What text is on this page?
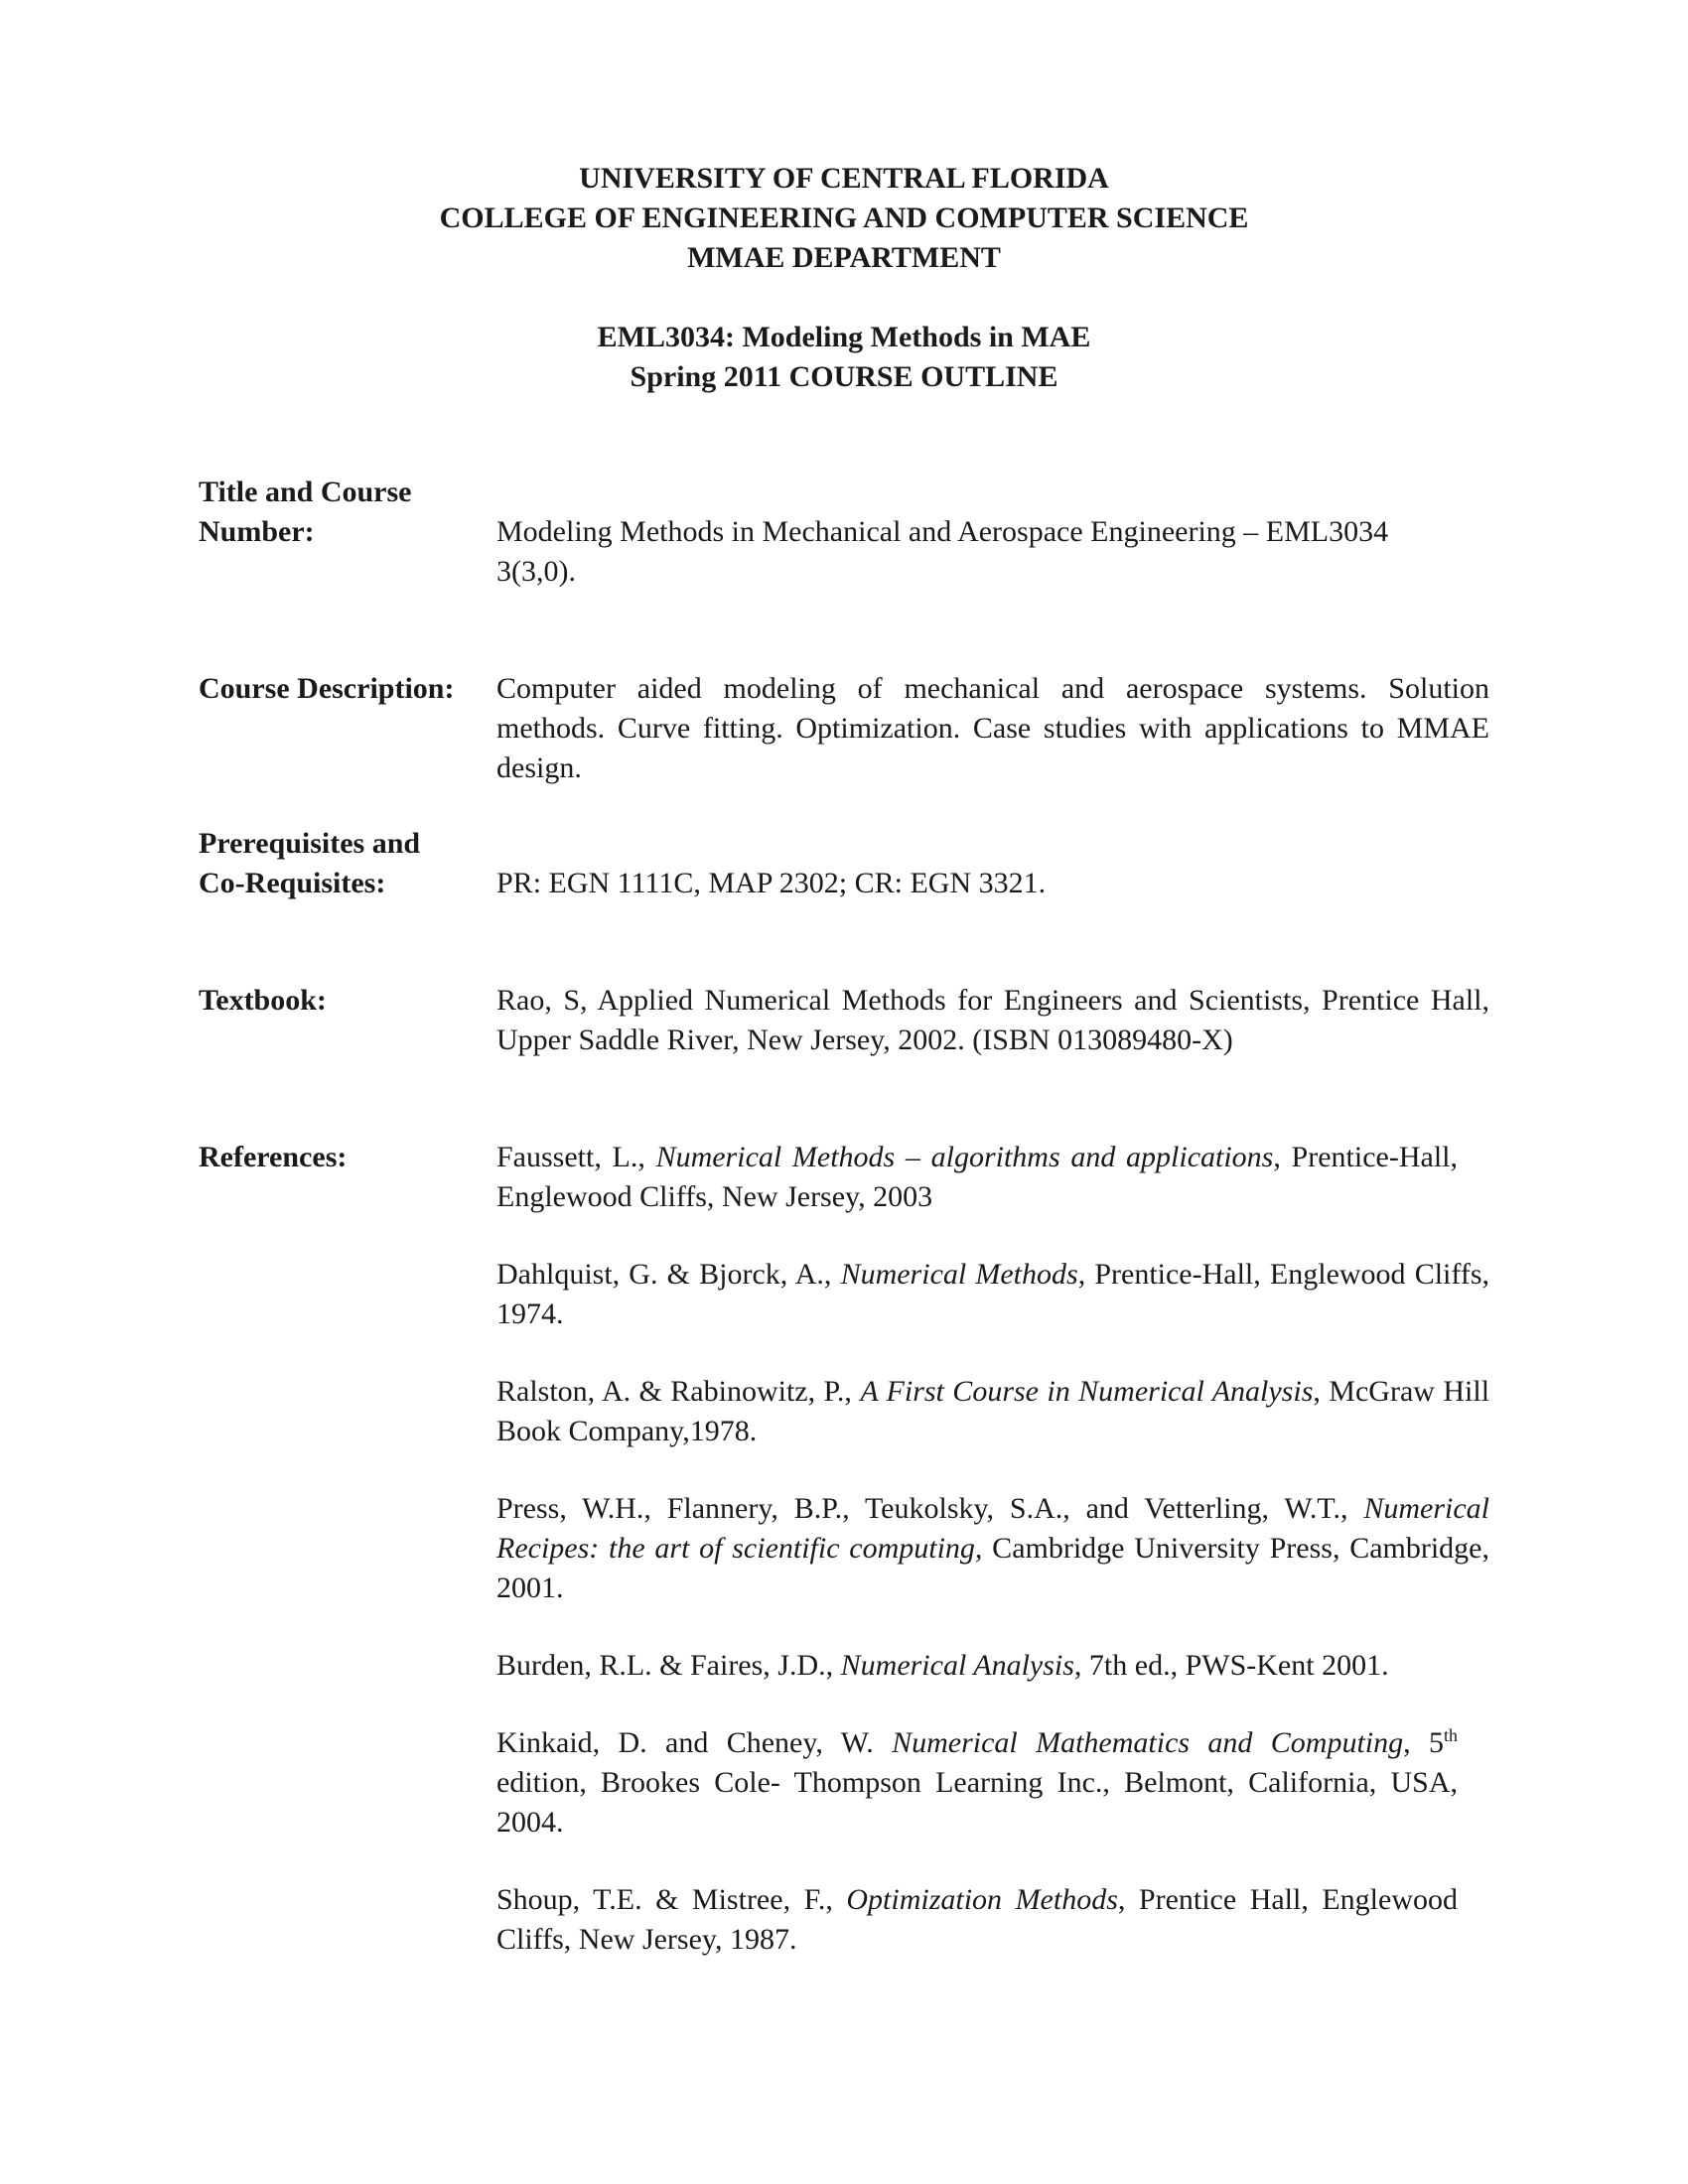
UNIVERSITY OF CENTRAL FLORIDA
COLLEGE OF ENGINEERING AND COMPUTER SCIENCE
MMAE DEPARTMENT
EML3034: Modeling Methods in MAE
Spring 2011 COURSE OUTLINE
Title and Course
Number:	Modeling Methods in Mechanical and Aerospace Engineering – EML3034
3(3,0).
Course Description:	Computer aided modeling of mechanical and aerospace systems. Solution methods. Curve fitting. Optimization. Case studies with applications to MMAE design.
Prerequisites and
Co-Requisites:	PR: EGN 1111C, MAP 2302; CR: EGN 3321.
Textbook:	Rao, S, Applied Numerical Methods for Engineers and Scientists, Prentice Hall, Upper Saddle River, New Jersey, 2002. (ISBN 013089480-X)
References:	Faussett, L., Numerical Methods – algorithms and applications, Prentice-Hall, Englewood Cliffs, New Jersey, 2003
Dahlquist, G. & Bjorck, A., Numerical Methods, Prentice-Hall, Englewood Cliffs, 1974.
Ralston, A. & Rabinowitz, P., A First Course in Numerical Analysis, McGraw Hill Book Company,1978.
Press, W.H., Flannery, B.P., Teukolsky, S.A., and Vetterling, W.T., Numerical Recipes: the art of scientific computing, Cambridge University Press, Cambridge, 2001.
Burden, R.L. & Faires, J.D., Numerical Analysis, 7th ed., PWS-Kent 2001.
Kinkaid, D. and Cheney, W. Numerical Mathematics and Computing, 5th edition, Brookes Cole- Thompson Learning Inc., Belmont, California, USA, 2004.
Shoup, T.E. & Mistree, F., Optimization Methods, Prentice Hall, Englewood Cliffs, New Jersey, 1987.
